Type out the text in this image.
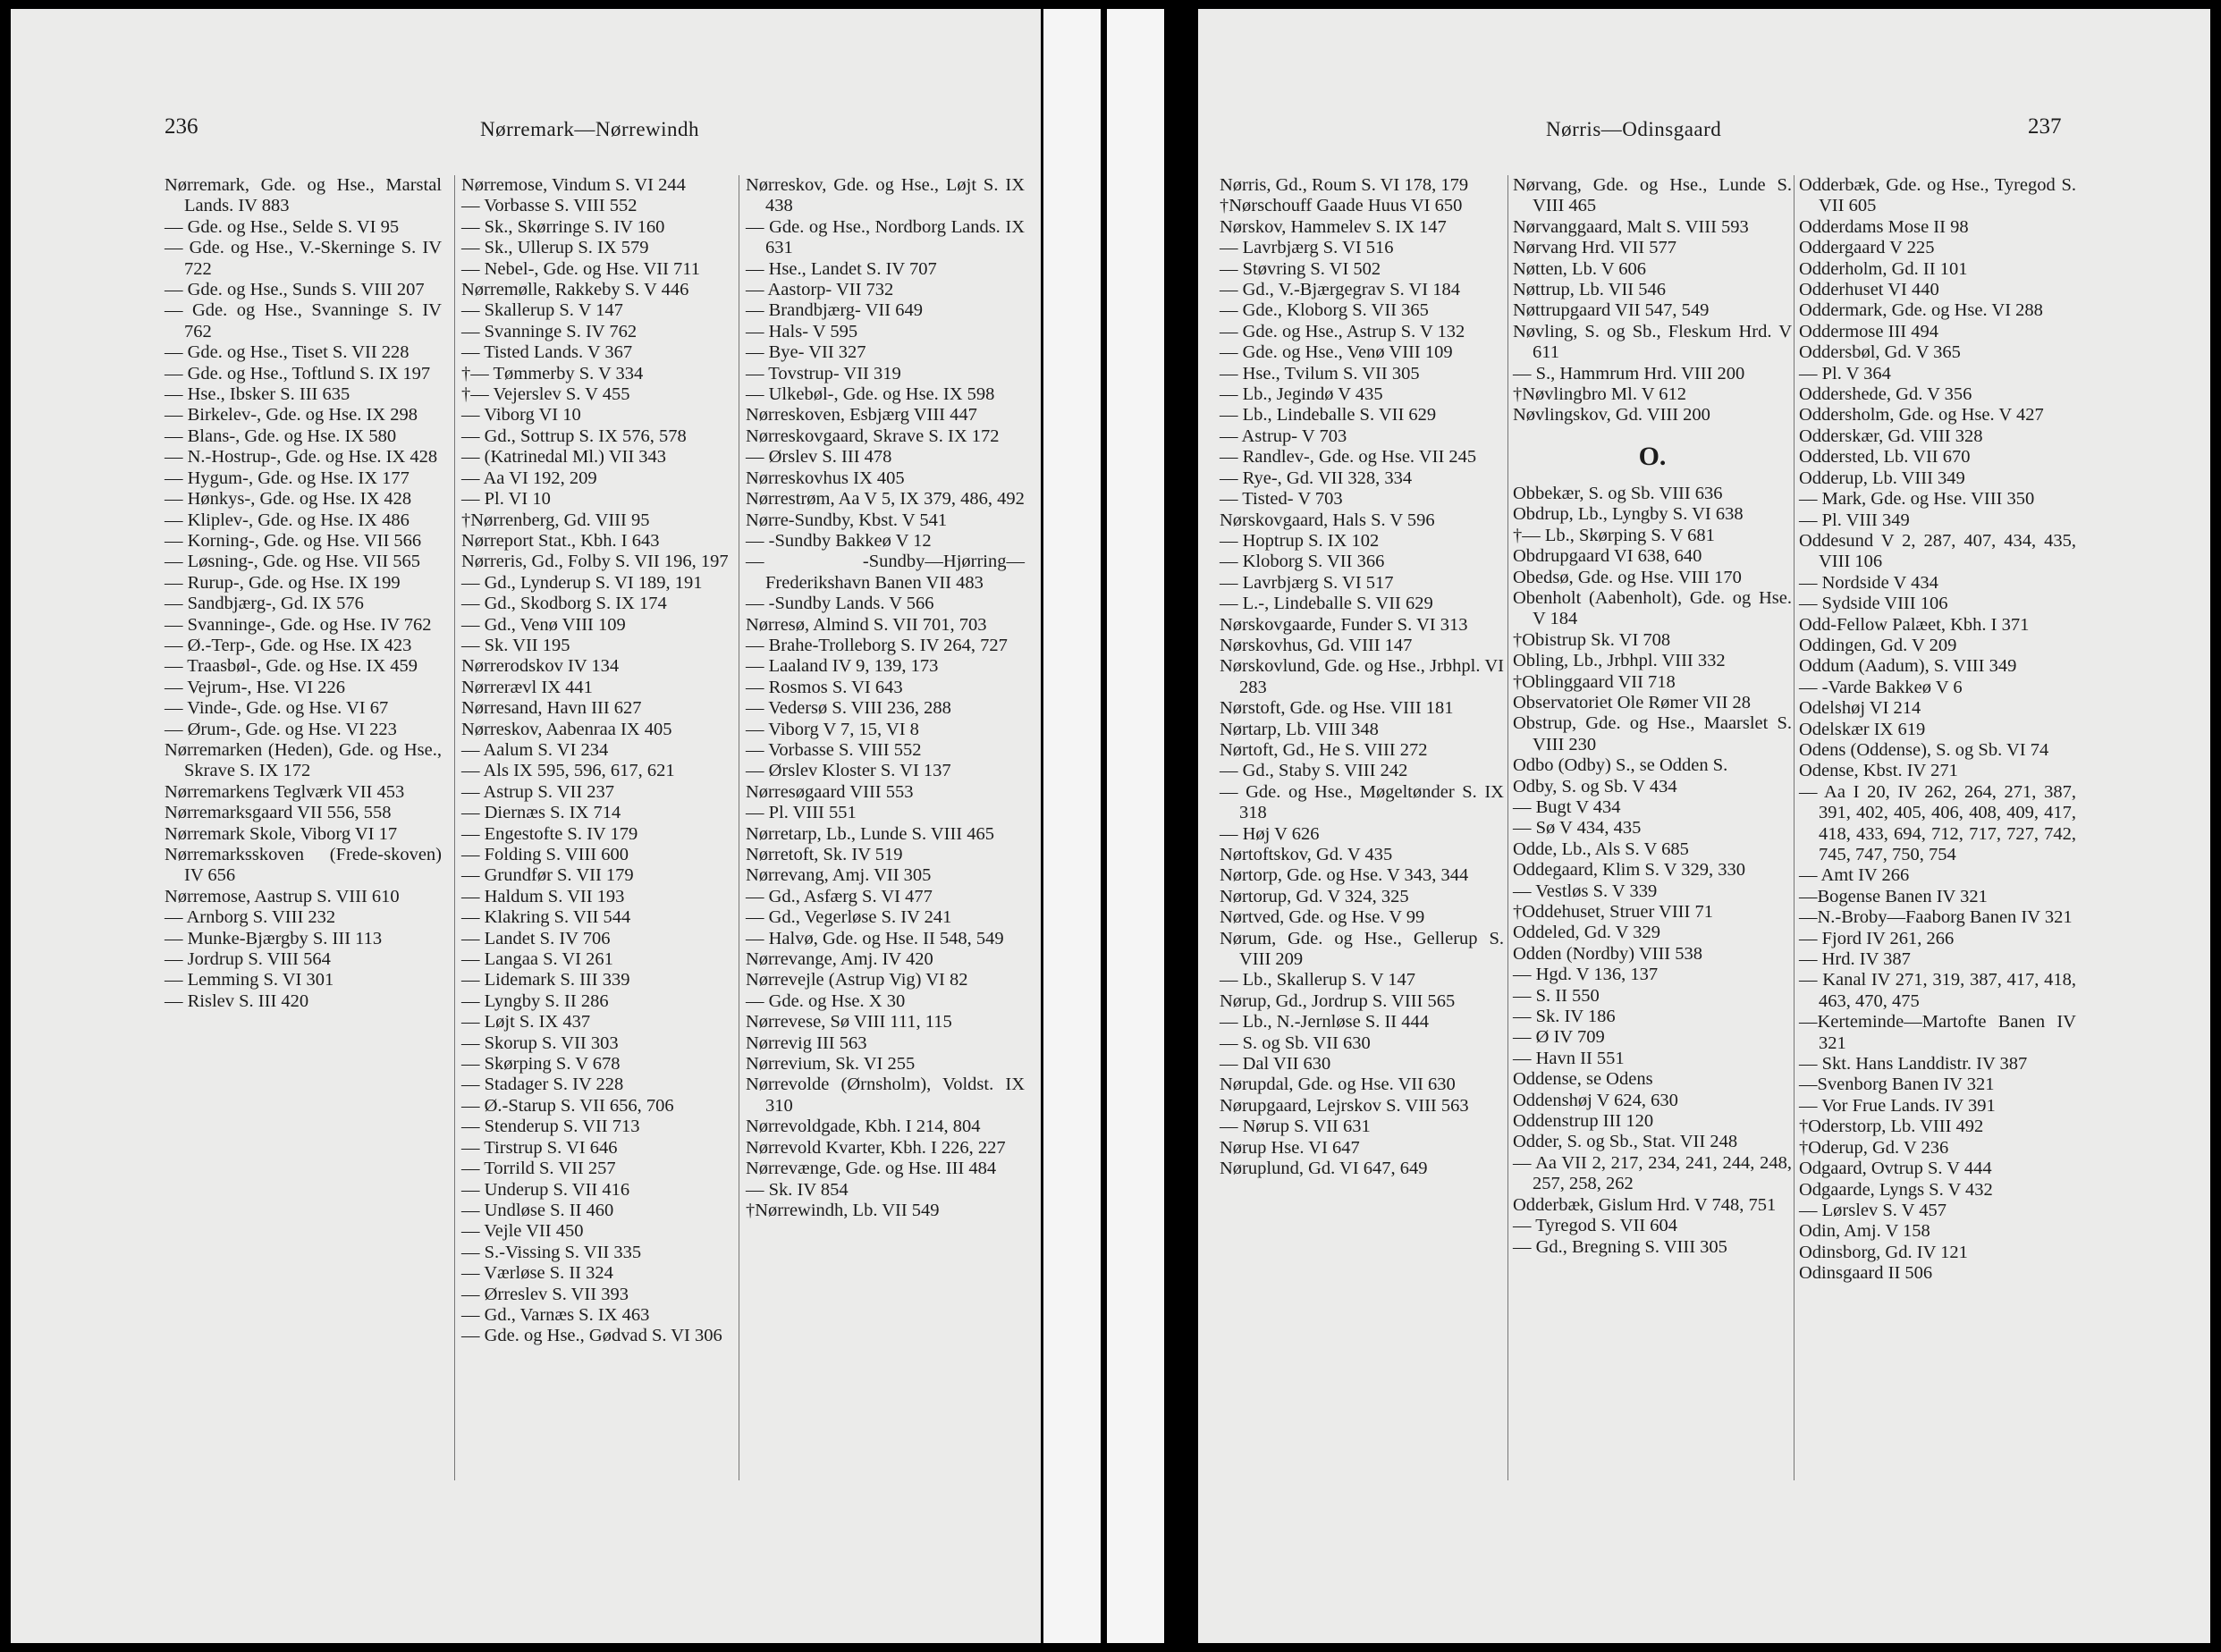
236	Nørremark—Nørrewindh
Nørremark, Gde. og Hse., Marstal Lands. IV 883
— Gde. og Hse., Selde S. VI 95
— Gde. og Hse., V.-Skerninge S. IV 722
— Gde. og Hse., Sunds S. VIII 207
— Gde. og Hse., Svanninge S. IV 762
— Gde. og Hse., Tiset S. VII 228
— Gde. og Hse., Toftlund S. IX 197
— Hse., Ibsker S. III 635
— Birkelev-, Gde. og Hse. IX 298
— Blans-, Gde. og Hse. IX 580
— N.-Hostrup-, Gde. og Hse. IX 428
— Hygum-, Gde. og Hse. IX 177
— Hønkys-, Gde. og Hse. IX 428
— Kliplev-, Gde. og Hse. IX 486
— Korning-, Gde. og Hse. VII 566
— Løsning-, Gde. og Hse. VII 565
— Rurup-, Gde. og Hse. IX 199
— Sandbjærg-, Gd. IX 576
— Svanninge-, Gde. og Hse. IV 762
— Ø.-Terp-, Gde. og Hse. IX 423
— Traasbøl-, Gde. og Hse. IX 459
— Vejrum-, Hse. VI 226
— Vinde-, Gde. og Hse. VI 67
— Ørum-, Gde. og Hse. VI 223
Nørremarken (Heden), Gde. og Hse., Skrave S. IX 172
Nørremarkens Teglværk VII 453
Nørremarksgaard VII 556, 558
Nørremark Skole, Viborg VI 17
Nørremarksskoven (Frede-skoven) IV 656
Nørremose, Aastrup S. VIII 610
— Arnborg S. VIII 232
— Munke-Bjærgby S. III 113
— Jordrup S. VIII 564
— Lemming S. VI 301
— Rislev S. III 420
Nørremose, Vindum S. VI 244
— Vorbasse S. VIII 552
— Sk., Skørringe S. IV 160
— Sk., Ullerup S. IX 579
— Nebel-, Gde. og Hse. VII 711
Nørremølle, Rakkeby S. V 446
— Skallerup S. V 147
— Svanninge S. IV 762
— Tisted Lands. V 367
†— Tømmerby S. V 334
†— Vejerslev S. V 455
— Viborg VI 10
— Gd., Sottrup S. IX 576, 578
— (Katrinedal Ml.) VII 343
— Aa VI 192, 209
— Pl. VI 10
†Nørrenberg, Gd. VIII 95
Nørreport Stat., Kbh. I 643
Nørreris, Gd., Folby S. VII 196, 197
— Gd., Lynderup S. VI 189, 191
— Gd., Skodborg S. IX 174
— Gd., Venø VIII 109
— Sk. VII 195
Nørrerodskov IV 134
Nørrerævl IX 441
Nørresand, Havn III 627
Nørreskov, Aabenraa IX 405
— Aalum S. VI 234
— Als IX 595, 596, 617, 621
— Astrup S. VII 237
— Diernæs S. IX 714
— Engestofte S. IV 179
— Folding S. VIII 600
— Grundfør S. VII 179
— Haldum S. VII 193
— Klakring S. VII 544
— Landet S. IV 706
— Langaa S. VI 261
— Lidemark S. III 339
— Lyngby S. II 286
— Løjt S. IX 437
— Skorup S. VII 303
— Skørping S. V 678
— Stadager S. IV 228
— Ø.-Starup S. VII 656, 706
— Stenderup S. VII 713
— Tirstrup S. VI 646
— Torrild S. VII 257
— Underup S. VII 416
— Undløse S. II 460
— Vejle VII 450
— S.-Vissing S. VII 335
— Værløse S. II 324
— Ørreslev S. VII 393
— Gd., Varnæs S. IX 463
— Gde. og Hse., Gødvad S. VI 306
Nørreskov, Gde. og Hse., Løjt S. IX 438
— Gde. og Hse., Nordborg Lands. IX 631
— Hse., Landet S. IV 707
— Aastorp- VII 732
— Brandbjærg- VII 649
— Hals- V 595
— Bye- VII 327
— Tovstrup- VII 319
— Ulkebøl-, Gde. og Hse. IX 598
Nørreskoven, Esbjærg VIII 447
Nørreskovgaard, Skrave S. IX 172
— Ørslev S. III 478
Nørreskovhus IX 405
Nørrestrøm, Aa V 5, IX 379, 486, 492
Nørre-Sundby, Kbst. V 541
— -Sundby Bakkeø V 12
— -Sundby—Hjørring—Frederikshavn Banen VII 483
— -Sundby Lands. V 566
Nørresø, Almind S. VII 701, 703
— Brahe-Trolleborg S. IV 264, 727
— Laaland IV 9, 139, 173
— Rosmos S. VI 643
— Vedersø S. VIII 236, 288
— Viborg V 7, 15, VI 8
— Vorbasse S. VIII 552
— Ørslev Kloster S. VI 137
Nørresøgaard VIII 553
— Pl. VIII 551
Nørretarp, Lb., Lunde S. VIII 465
Nørretoft, Sk. IV 519
Nørrevang, Amj. VII 305
— Gd., Asfærg S. VI 477
— Gd., Vegerløse S. IV 241
— Halvø, Gde. og Hse. II 548, 549
Nørrevange, Amj. IV 420
Nørrevejle (Astrup Vig) VI 82
— Gde. og Hse. X 30
Nørrevese, Sø VIII 111, 115
Nørrevig III 563
Nørrevium, Sk. VI 255
Nørrevolde (Ørnsholm), Voldst. IX 310
Nørrevoldgade, Kbh. I 214, 804
Nørrevold Kvarter, Kbh. I 226, 227
Nørrevænge, Gde. og Hse. III 484
— Sk. IV 854
†Nørrewindh, Lb. VII 549
237
Nørris—Odinsgaard
Nørris, Gd., Roum S. VI 178, 179
†Nørschouff Gaade Huus VI 650
Nørskov, Hammelev S. IX 147
— Lavrbjærg S. VI 516
— Støvring S. VI 502
— Gd., V.-Bjærgegrav S. VI 184
— Gde., Kloborg S. VII 365
— Gde. og Hse., Astrup S. V 132
— Gde. og Hse., Venø VIII 109
— Hse., Tvilum S. VII 305
— Lb., Jegindø V 435
— Lb., Lindeballe S. VII 629
— Astrup- V 703
— Randlev-, Gde. og Hse. VII 245
— Rye-, Gd. VII 328, 334
— Tisted- V 703
Nørskovgaard, Hals S. V 596
— Hoptrup S. IX 102
— Kloborg S. VII 366
— Lavrbjærg S. VI 517
— L.-, Lindeballe S. VII 629
Nørskovgaarde, Funder S. VI 313
Nørskovhus, Gd. VIII 147
Nørskovlund, Gde. og Hse., Jrbhpl. VI 283
Nørstoft, Gde. og Hse. VIII 181
Nørtarp, Lb. VIII 348
Nørtoft, Gd., He S. VIII 272
— Gd., Staby S. VIII 242
— Gde. og Hse., Møgeltønder S. IX 318
— Høj V 626
Nørtoftskov, Gd. V 435
Nørtorp, Gde. og Hse. V 343, 344
Nørtorup, Gd. V 324, 325
Nørtved, Gde. og Hse. V 99
Nørum, Gde. og Hse., Gellerup S. VIII 209
— Lb., Skallerup S. V 147
Nørup, Gd., Jordrup S. VIII 565
— Lb., N.-Jernløse S. II 444
— S. og Sb. VII 630
— Dal VII 630
Nørupdal, Gde. og Hse. VII 630
Nørupgaard, Lejrskov S. VIII 563
— Nørup S. VII 631
Nørup Hse. VI 647
Nøruplund, Gd. VI 647, 649
Nørvang, Gde. og Hse., Lunde S. VIII 465
Nørvanggaard, Malt S. VIII 593
Nørvang Hrd. VII 577
Nøtten, Lb. V 606
Nøttrup, Lb. VII 546
Nøttrupgaard VII 547, 549
Nøvling, S. og Sb., Fleskum Hrd. V 611
— S., Hammrum Hrd. VIII 200
†Nøvlingbro Ml. V 612
Nøvlingskov, Gd. VIII 200
O.
Obbekær, S. og Sb. VIII 636
Obdrup, Lb., Lyngby S. VI 638
†— Lb., Skørping S. V 681
Obdrupgaard VI 638, 640
Obedsø, Gde. og Hse. VIII 170
Obenholt (Aabenholt), Gde. og Hse. V 184
†Obistrup Sk. VI 708
Obling, Lb., Jrbhpl. VIII 332
†Oblinggaard VII 718
Observatoriet Ole Rømer VII 28
Obstrup, Gde. og Hse., Maarslet S. VIII 230
Odbo (Odby) S., se Odden S.
Odby, S. og Sb. V 434
— Bugt V 434
— Sø V 434, 435
Odde, Lb., Als S. V 685
Oddegaard, Klim S. V 329, 330
— Vestløs S. V 339
†Oddehuset, Struer VIII 71
Oddeled, Gd. V 329
Odden (Nordby) VIII 538
— Hgd. V 136, 137
— S. II 550
— Sk. IV 186
— Ø IV 709
— Havn II 551
Oddense, se Odens
Oddenshøj V 624, 630
Oddenstrup III 120
Odder, S. og Sb., Stat. VII 248
— Aa VII 2, 217, 234, 241, 244, 248, 257, 258, 262
Odderbæk, Gislum Hrd. V 748, 751
— Tyregod S. VII 604
— Gd., Bregning S. VIII 305
Odderbæk, Gde. og Hse., Tyregod S. VII 605
Odderdams Mose II 98
Oddergaard V 225
Odderholm, Gd. II 101
Odderhuset VI 440
Oddermark, Gde. og Hse. VI 288
Oddermose III 494
Oddersbøl, Gd. V 365
— Pl. V 364
Oddershede, Gd. V 356
Oddersholm, Gde. og Hse. V 427
Odderskær, Gd. VIII 328
Oddersted, Lb. VII 670
Odderup, Lb. VIII 349
— Mark, Gde. og Hse. VIII 350
— Pl. VIII 349
Oddesund V 2, 287, 407, 434, 435, VIII 106
— Nordside V 434
— Sydside VIII 106
Odd-Fellow Palæet, Kbh. I 371
Oddingen, Gd. V 209
Oddum (Aadum), S. VIII 349
— -Varde Bakkeø V 6
Odelshøj VI 214
Odelskær IX 619
Odens (Oddense), S. og Sb. VI 74
Odense, Kbst. IV 271
— Aa I 20, IV 262, 264, 271, 387, 391, 402, 405, 406, 408, 409, 417, 418, 433, 694, 712, 717, 727, 742, 745, 747, 750, 754
— Amt IV 266
—Bogense Banen IV 321
—N.-Broby—Faaborg Banen IV 321
— Fjord IV 261, 266
— Hrd. IV 387
— Kanal IV 271, 319, 387, 417, 418, 463, 470, 475
—Kerteminde—Martofte Banen IV 321
— Skt. Hans Landdistr. IV 387
—Svenborg Banen IV 321
— Vor Frue Lands. IV 391
†Oderstorp, Lb. VIII 492
†Oderup, Gd. V 236
Odgaard, Ovtrup S. V 444
Odgaarde, Lyngs S. V 432
— Lørslev S. V 457
Odin, Amj. V 158
Odinsborg, Gd. IV 121
Odinsgaard II 506
